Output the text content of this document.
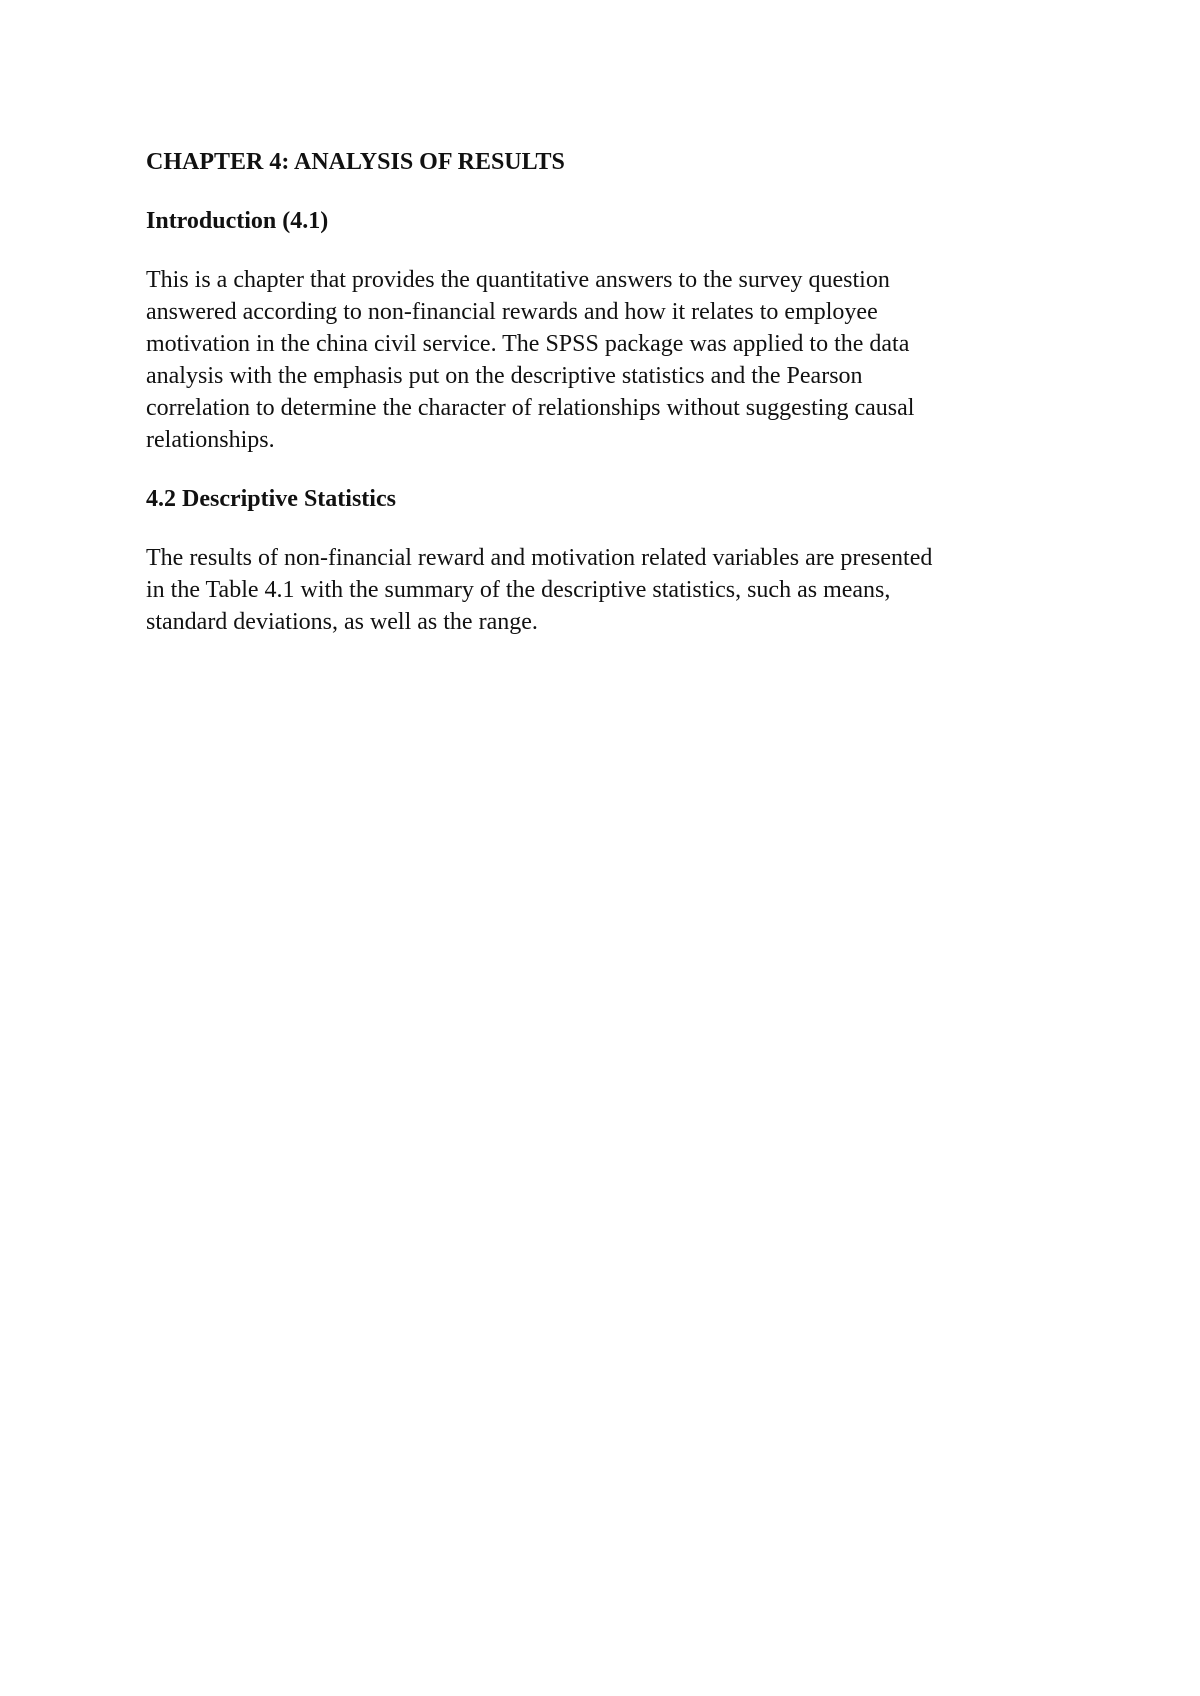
CHAPTER 4: ANALYSIS OF RESULTS
Introduction (4.1)

This is a chapter that provides the quantitative answers to the survey question
answered according to non-financial rewards and how it relates to employee
motivation in the china civil service. The SPSS package was applied to the data
analysis with the emphasis put on the descriptive statistics and the Pearson
correlation to determine the character of relationships without suggesting causal
relationships.

4.2 Descriptive Statistics

The results of non-financial reward and motivation related variables are presented
in the Table 4.1 with the summary of the descriptive statistics, such as means,
standard deviations, as well as the range.
